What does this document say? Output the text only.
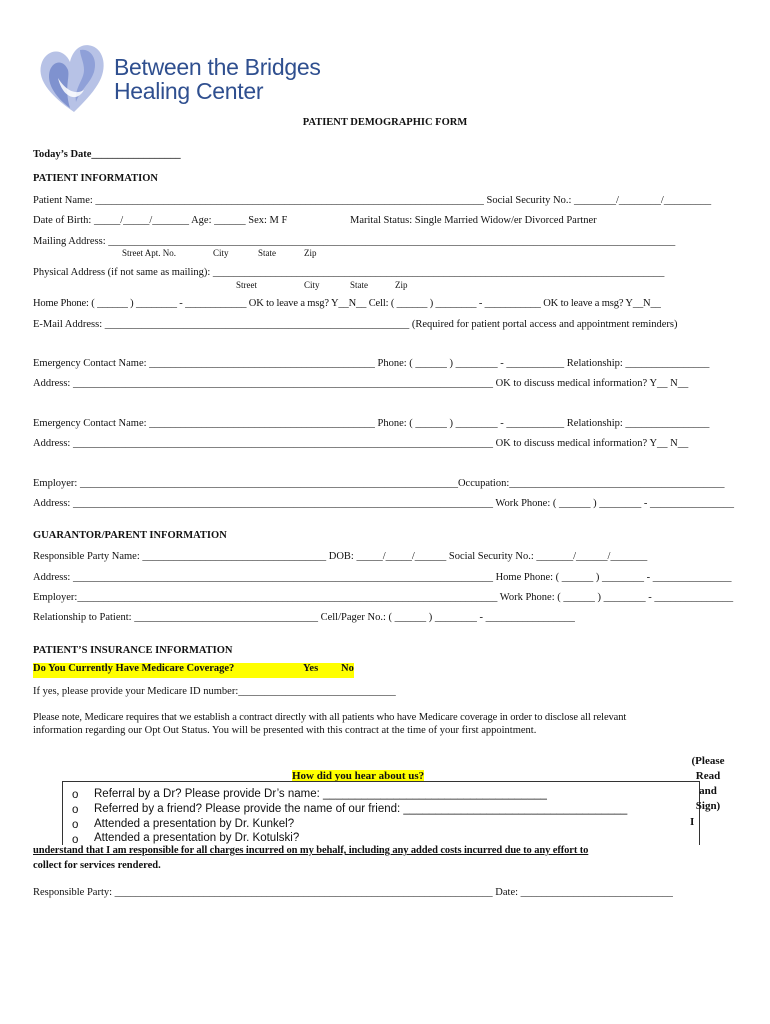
Between the Bridges
Healing Center
PATIENT DEMOGRAPHIC FORM
Today’s Date_________________
PATIENT INFORMATION
Patient Name: __________________________________________________________________________ Social Security No.: ________/________/_________
Date of Birth: _____/_____/_______ Age: ______ Sex: M F	Marital Status: Single Married Widow/er Divorced Partner
Mailing Address: ____________________________________________________________________________________________________________
Street Apt. No.	City	State	Zip
Physical Address (if not same as mailing): ______________________________________________________________________________________
Street	City	State	Zip
Home Phone: ( ______ ) ________ - ____________ OK to leave a msg? Y__N__ Cell: ( ______ ) ________ - ___________ OK to leave a msg? Y__N__
E-Mail Address: __________________________________________________________ (Required for patient portal access and appointment reminders)
Emergency Contact Name: ___________________________________________ Phone: ( ______ ) ________ - ___________ Relationship: ________________
Address: ________________________________________________________________________________ OK to discuss medical information? Y__ N__
Emergency Contact Name: ___________________________________________ Phone: ( ______ ) ________ - ___________ Relationship: ________________
Address: ________________________________________________________________________________ OK to discuss medical information? Y__ N__
Employer: ________________________________________________________________________Occupation:_________________________________________
Address: ________________________________________________________________________________ Work Phone: ( ______ ) ________ - ________________
GUARANTOR/PARENT INFORMATION
Responsible Party Name: ___________________________________ DOB: _____/_____/______ Social Security No.: _______/______/_______
Address: ________________________________________________________________________________ Home Phone: ( ______ ) ________ - _______________
Employer:________________________________________________________________________________ Work Phone: ( ______ ) ________ - _______________
Relationship to Patient: ___________________________________ Cell/Pager No.: ( ______ ) ________ - _________________
PATIENT’S INSURANCE INFORMATION
Do You Currently Have Medicare Coverage?	Yes No
If yes, please provide your Medicare ID number:______________________________
Please note, Medicare requires that we establish a contract directly with all patients who have Medicare coverage in order to disclose all relevant
information regarding our Opt Out Status. You will be presented with this contract at the time of your first appointment.
How did you hear about us?
o Referral by a Dr? Please provide Dr’s name: ___________________________________
o Referred by a friend? Please provide the name of our friend: ___________________________________
o Attended a presentation by Dr. Kunkel?
o Attended a presentation by Dr. Kotulski?
(Please
Read
and
Sign)
I
understand that I am responsible for all charges incurred on my behalf, including any added costs incurred due to any effort to
collect for services rendered.
Responsible Party: ________________________________________________________________________ Date: _____________________________
